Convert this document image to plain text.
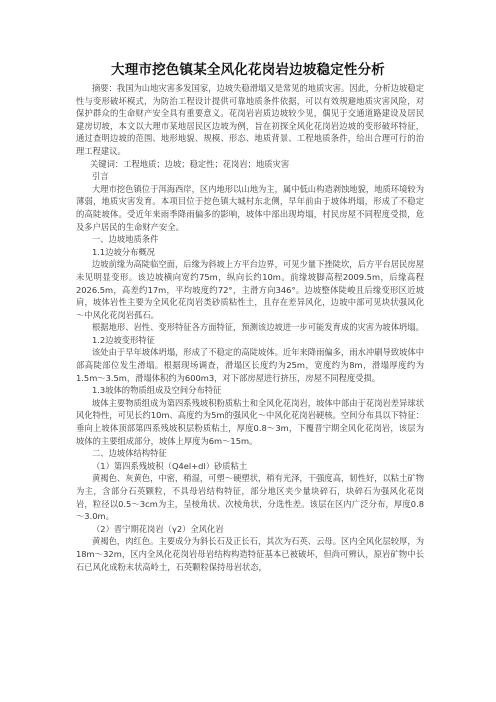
大理市挖色镇某全风化花岗岩边坡稳定性分析

摘要：我国为山地灾害多发国家，边坡失稳滑塌又是常见的地质灾害。因此，分析边坡稳定性与变形破坏模式，为防治工程设计提供可靠地质条件依据，可以有效规避地质灾害风险，对保护群众的生命财产安全具有重要意义。花岗岩岩质边坡较少见，偶见于交通道路建设及居民建房切坡，本文以大理市某地居民区边坡为例，旨在初探全风化花岗岩边坡的变形破坏特征，通过查明边坡的范围、地形地貌、规模、形态、地质背景、工程地质条件，给出合理可行的治理工程建议。

关键词：工程地质；边坡；稳定性；花岗岩；地质灾害

引言

大理市挖色镇位于洱海西岸，区内地形以山地为主，属中低山构造剥蚀地貌，地质环境较为薄弱，地质灾害发育。本项目位于挖色镇大城村东北侧，早年前由于坡体坍塌，形成了不稳定的高陡坡体。受近年来雨季降雨偏多的影响，坡体中部出现垮塌，村民房屋不同程度受损，危及多户居民的生命财产安全。

一、边坡地质条件

1.1边坡分布概况

边坡前缘为高陡临空面，后缘为斜坡上方平台边界，可见少量下挫陡坎，后方平台居民房屋未见明显变形。该边坡横向宽约75m，纵向长约10m。前缘坡脚高程2009.5m，后缘高程2026.5m，高差约17m，平均坡度约72°，主滑方向346°。边坡整体陡峻且后缘变形区近坡肩，坡体岩性主要为全风化花岗岩类砂质粘性土，且存在差异风化，边坡中部可见块状强风化～中风化花岗岩孤石。

根据地形、岩性、变形特征各方面特征，预测该边坡进一步可能发育成的灾害为坡体坍塌。

1.2边坡变形特征

该处由于早年坡体坍塌，形成了不稳定的高陡坡体。近年来降雨偏多，雨水冲刷导致坡体中部高陡部位发生滑塌。根据现场调查，滑塌区长度约为25m，宽度约为8m，滑塌厚度约为1.5m～3.5m，滑塌体积约为600m3，对下部房屋进行挤压，房屋不同程度受损。

1.3坡体的物质组成及空间分布特征

坡体主要物质组成为第四系残坡积粉质粘土和全风化花岗岩，坡体中部由于花岗岩差异球状风化特性，可见长约10m、高度约为5m的强风化～中风化花岗岩硬核。空间分布具以下特征：垂向上坡体顶部第四系残坡积层粉质粘土，厚度0.8～3m，下覆晋宁期全风化花岗岩，该层为坡体的主要组成部分，坡体上厚度为6m～15m。

二、边坡体结构特征

（1）第四系残坡积（Q4el+dl）砂质粘土

黄褐色、灰黄色，中密，稍湿，可塑～硬塑状，稍有光泽，干强度高，韧性好，以粘土矿物为主，含部分石英颗粒，不具母岩结构特征，部分地区夹少量块碎石，块碎石为强风化花岗岩，粒径以0.5～3cm为主，呈棱角状、次棱角状，分选性差。该层在区内广泛分布，厚度0.8～3.0m。

（2）晋宁期花岗岩（γ2）全风化岩

黄褐色，肉红色。主要成分为斜长石及正长石，其次为石英、云母。区内全风化层较厚，为18m～32m，区内全风化花岗岩母岩结构构造特征基本已被破坏，但尚可辨认，原岩矿物中长石已风化成粉末状高岭土，石英颗粒保持母岩状态，
